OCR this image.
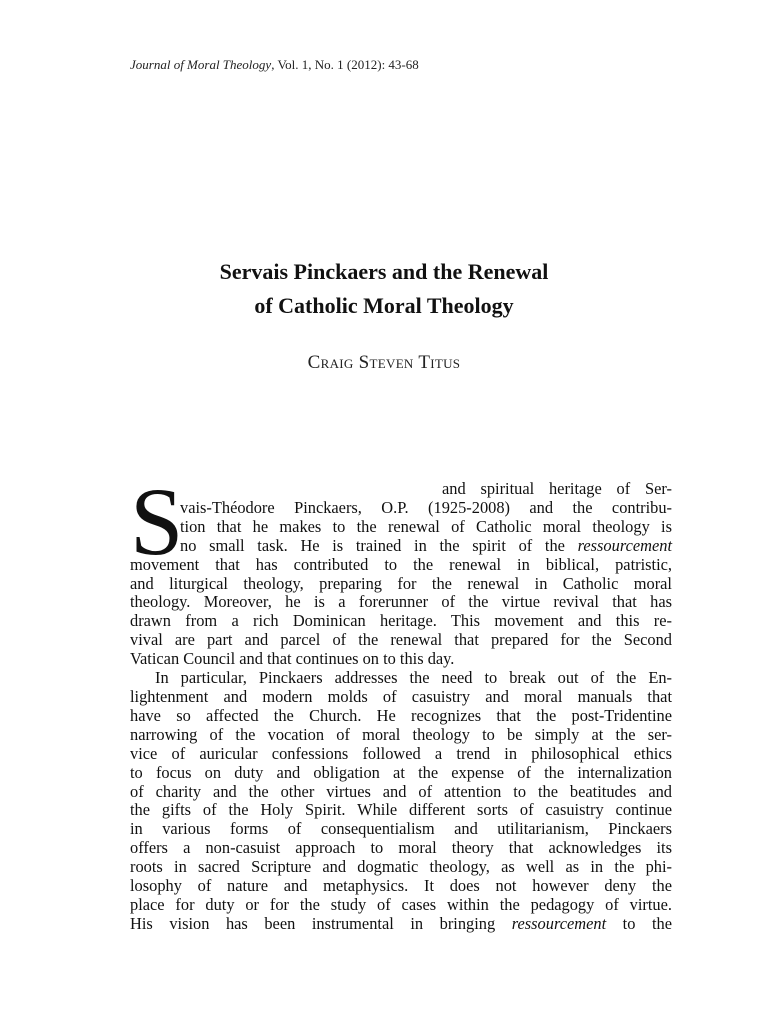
Journal of Moral Theology, Vol. 1, No. 1 (2012): 43-68
Servais Pinckaers and the Renewal
of Catholic Moral Theology
Craig Steven Titus
S	and spiritual heritage of Ser-
vais-Théodore Pinckaers, O.P. (1925-2008) and the contribu-
tion that he makes to the renewal of Catholic moral theology is
no small task. He is trained in the spirit of the ressourcement
movement that has contributed to the renewal in biblical, patristic,
and liturgical theology, preparing for the renewal in Catholic moral
theology. Moreover, he is a forerunner of the virtue revival that has
drawn from a rich Dominican heritage. This movement and this re-
vival are part and parcel of the renewal that prepared for the Second
Vatican Council and that continues on to this day.
In particular, Pinckaers addresses the need to break out of the En-
lightenment and modern molds of casuistry and moral manuals that
have so affected the Church. He recognizes that the post-Tridentine
narrowing of the vocation of moral theology to be simply at the ser-
vice of auricular confessions followed a trend in philosophical ethics
to focus on duty and obligation at the expense of the internalization
of charity and the other virtues and of attention to the beatitudes and
the gifts of the Holy Spirit. While different sorts of casuistry continue
in various forms of consequentialism and utilitarianism, Pinckaers
offers a non-casuist approach to moral theory that acknowledges its
roots in sacred Scripture and dogmatic theology, as well as in the phi-
losophy of nature and metaphysics. It does not however deny the
place for duty or for the study of cases within the pedagogy of virtue.
His vision has been instrumental in bringing ressourcement to the
